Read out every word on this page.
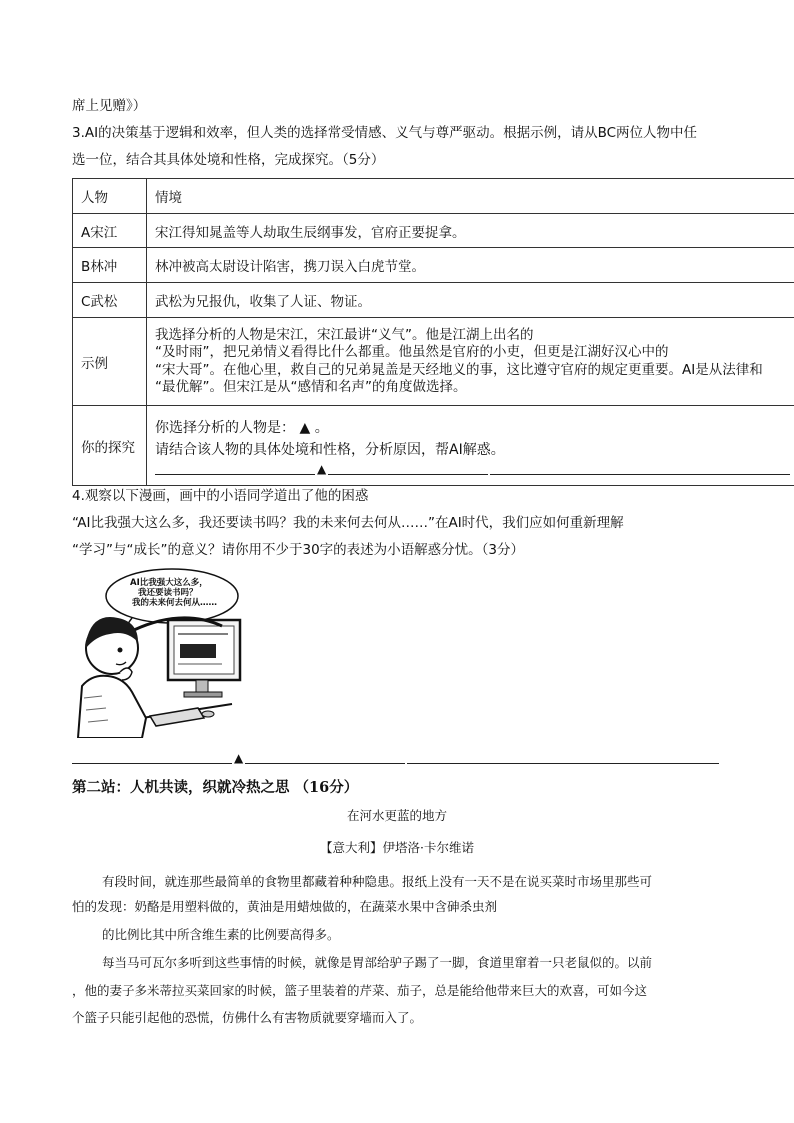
席上见赠》）
3.AI的决策基于逻辑和效率，但人类的选择常受情感、义气与尊严驱动。根据示例，请从BC两位人物中任
选一位，结合其具体处境和性格，完成探究。（5分）
人物	情境
A宋江	宋江得知晁盖等人劫取生辰纲事发，官府正要捉拿。
B林冲	林冲被高太尉设计陷害，携刀误入白虎节堂。
C武松	武松为兄报仇，收集了人证、物证。
示例	我选择分析的人物是宋江，宋江最讲“义气”。他是江湖上出名的
“及时雨”，把兄弟情义看得比什么都重。他虽然是官府的小吏，但更是江湖好汉心中的
“宋大哥”。在他心里，救自己的兄弟晁盖是天经地义的事，这比遵守官府的规定更重要。AI是从法律和
“最优解”。但宋江是从“感情和名声”的角度做选择。

你的探究	你选择分析的人物是： ▲ 。
请结合该人物的具体处境和性格，分析原因，帮AI解惑。
▲
4.观察以下漫画，画中的小语同学道出了他的困惑
“AI比我强大这么多，我还要读书吗？我的未来何去何从……”在AI时代，我们应如何重新理解
“学习”与“成长”的意义？请你用不少于30字的表述为小语解惑分忧。（3分）
AI比我强大这么多，
我还要读书吗？
我的未来何去何从……
▲
第二站：人机共读，织就冷热之思 （16分）
在河水更蓝的地方
【意大利】伊塔洛·卡尔维诺
有段时间，就连那些最简单的食物里都藏着种种隐患。报纸上没有一天不是在说买菜时市场里那些可
怕的发现：奶酪是用塑料做的，黄油是用蜡烛做的，在蔬菜水果中含砷杀虫剂
的比例比其中所含维生素的比例要高得多。
每当马可瓦尔多听到这些事情的时候，就像是胃部给驴子踢了一脚，食道里窜着一只老鼠似的。以前
，他的妻子多米蒂拉买菜回家的时候，篮子里装着的芹菜、茄子，总是能给他带来巨大的欢喜，可如今这
个篮子只能引起他的恐慌，仿佛什么有害物质就要穿墙而入了。
